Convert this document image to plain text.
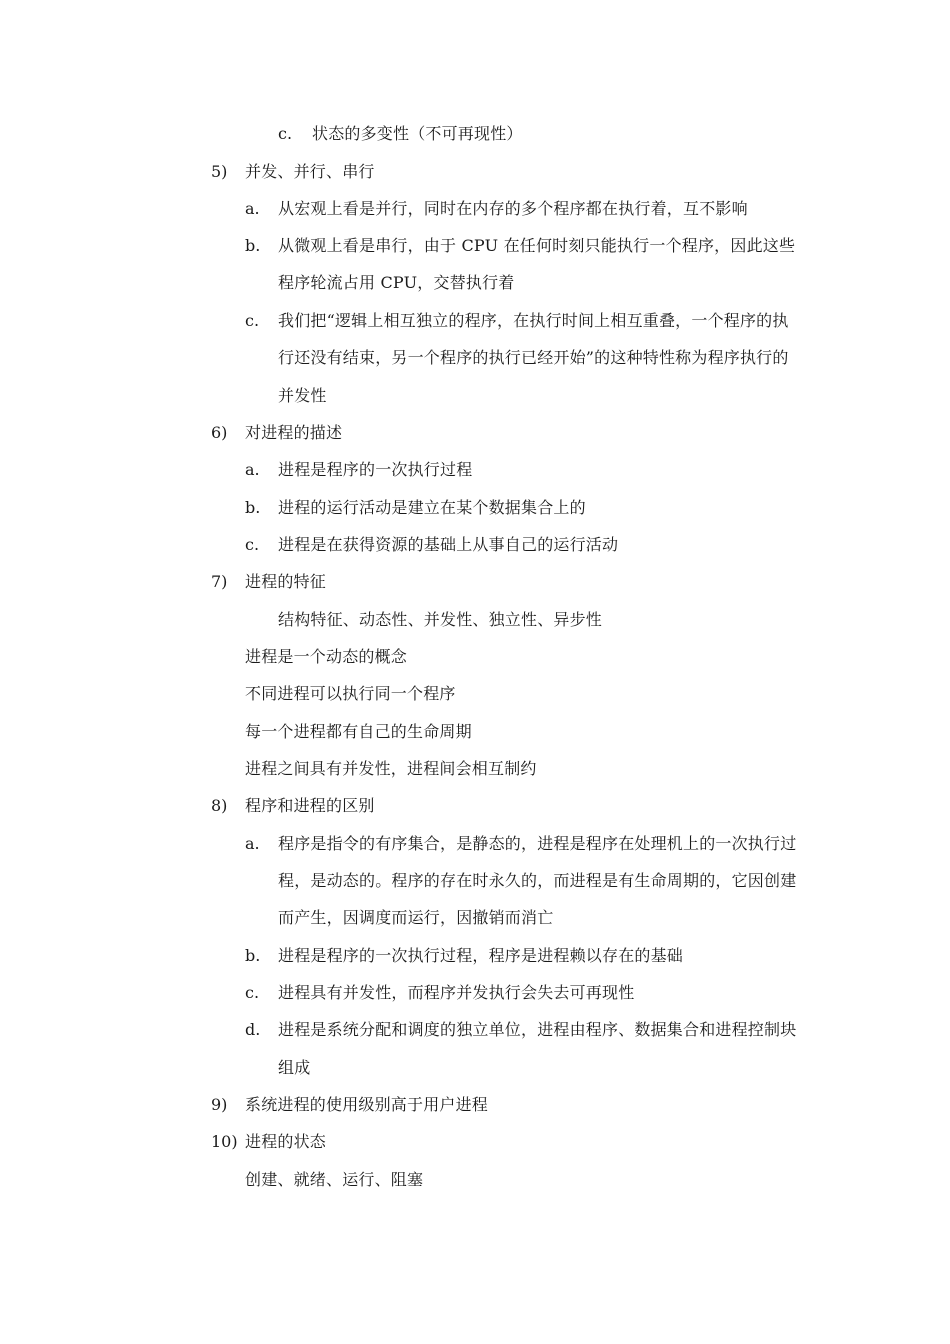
c. 状态的多变性（不可再现性）
5) 并发、并行、串行
a. 从宏观上看是并行，同时在内存的多个程序都在执行着，互不影响
b. 从微观上看是串行，由于 CPU 在任何时刻只能执行一个程序，因此这些
程序轮流占用 CPU，交替执行着
c. 我们把“逻辑上相互独立的程序，在执行时间上相互重叠，一个程序的执
行还没有结束，另一个程序的执行已经开始”的这种特性称为程序执行的
并发性
6) 对进程的描述
a. 进程是程序的一次执行过程
b. 进程的运行活动是建立在某个数据集合上的
c. 进程是在获得资源的基础上从事自己的运行活动
7) 进程的特征
结构特征、动态性、并发性、独立性、异步性
进程是一个动态的概念
不同进程可以执行同一个程序
每一个进程都有自己的生命周期
进程之间具有并发性，进程间会相互制约
8) 程序和进程的区别
a. 程序是指令的有序集合，是静态的，进程是程序在处理机上的一次执行过
程，是动态的。程序的存在时永久的，而进程是有生命周期的，它因创建
而产生，因调度而运行，因撤销而消亡
b. 进程是程序的一次执行过程，程序是进程赖以存在的基础
c. 进程具有并发性，而程序并发执行会失去可再现性
d. 进程是系统分配和调度的独立单位，进程由程序、数据集合和进程控制块
组成
9) 系统进程的使用级别高于用户进程
10) 进程的状态
创建、就绪、运行、阻塞
